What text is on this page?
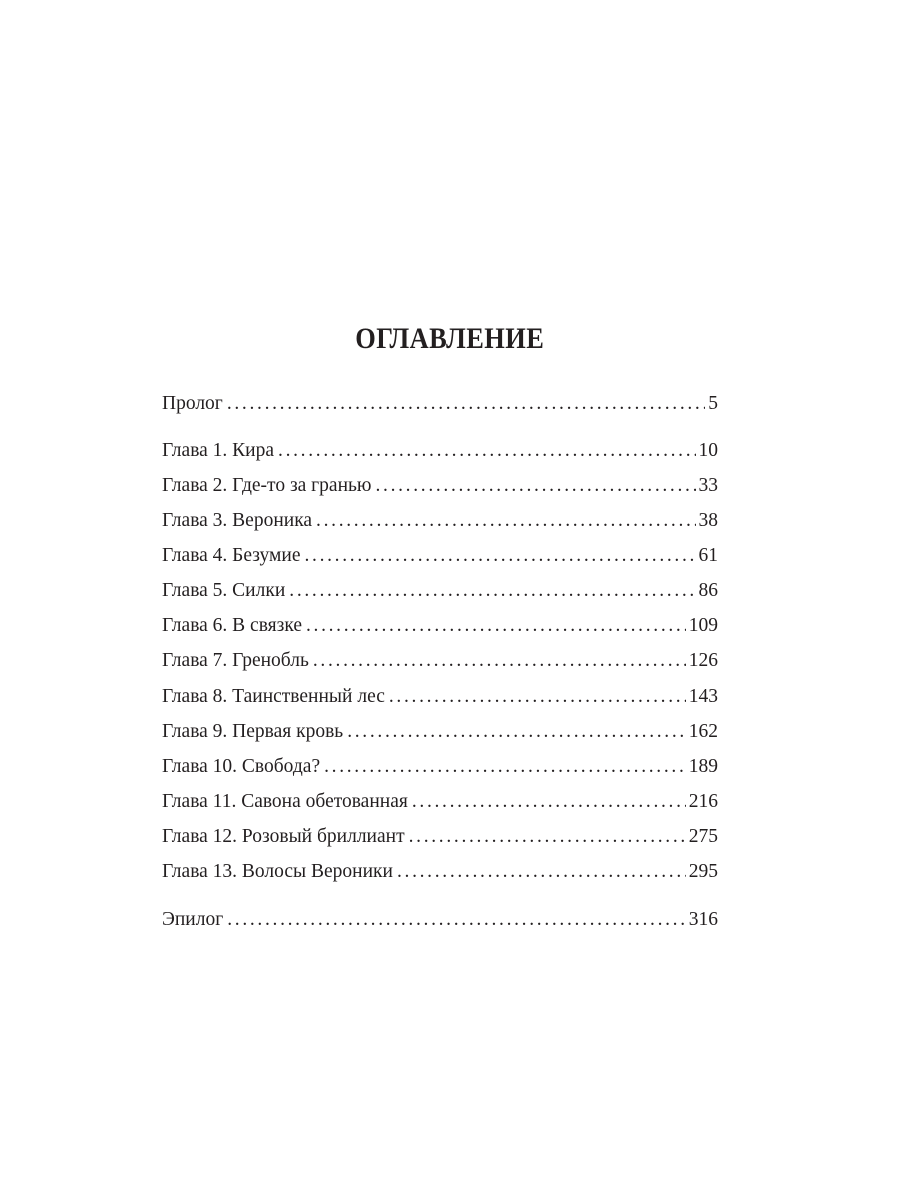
ОГЛАВЛЕНИЕ
Пролог . . .	5
Глава 1. Кира . . .	10
Глава 2. Где-то за гранью . . .	33
Глава 3. Вероника . . .	38
Глава 4. Безумие . . .	61
Глава 5. Силки . . .	86
Глава 6. В связке . . .	109
Глава 7. Гренобль . . .	126
Глава 8. Таинственный лес . . .	143
Глава 9. Первая кровь . . .	162
Глава 10. Свобода? . . .	189
Глава 11. Савона обетованная . . .	216
Глава 12. Розовый бриллиант . . .	275
Глава 13. Волосы Вероники . . .	295
Эпилог . . .	316
